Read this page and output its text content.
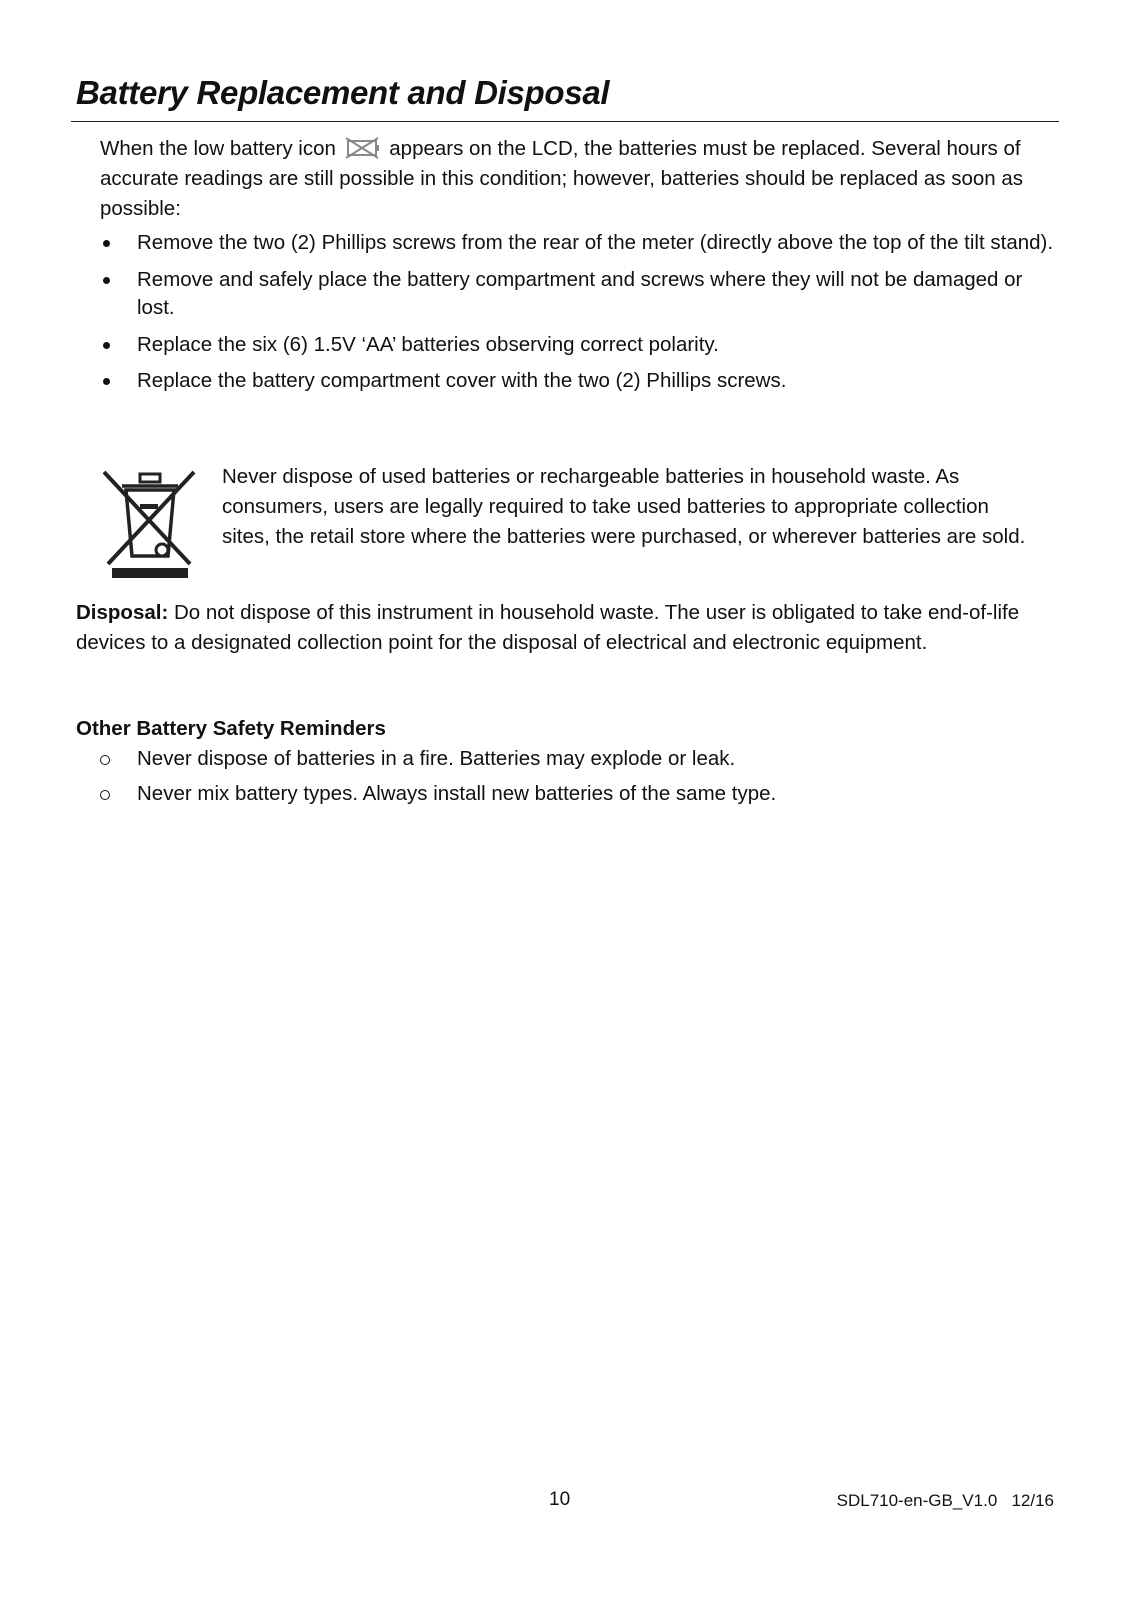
Battery Replacement and Disposal

When the low battery icon  appears on the LCD, the batteries must be replaced. Several hours of accurate readings are still possible in this condition; however, batteries should be replaced as soon as possible:

Remove the two (2) Phillips screws from the rear of the meter (directly above the top of the tilt stand).
Remove and safely place the battery compartment and screws where they will not be damaged or lost.
Replace the six (6) 1.5V ‘AA’ batteries observing correct polarity.
Replace the battery compartment cover with the two (2) Phillips screws.

Never dispose of used batteries or rechargeable batteries in household waste. As consumers, users are legally required to take used batteries to appropriate collection sites, the retail store where the batteries were purchased, or wherever batteries are sold.

Disposal: Do not dispose of this instrument in household waste. The user is obligated to take end-of-life devices to a designated collection point for the disposal of electrical and electronic equipment.

Other Battery Safety Reminders
Never dispose of batteries in a fire. Batteries may explode or leak.
Never mix battery types. Always install new batteries of the same type.
10	SDL710-en-GB_V1.0   12/16
